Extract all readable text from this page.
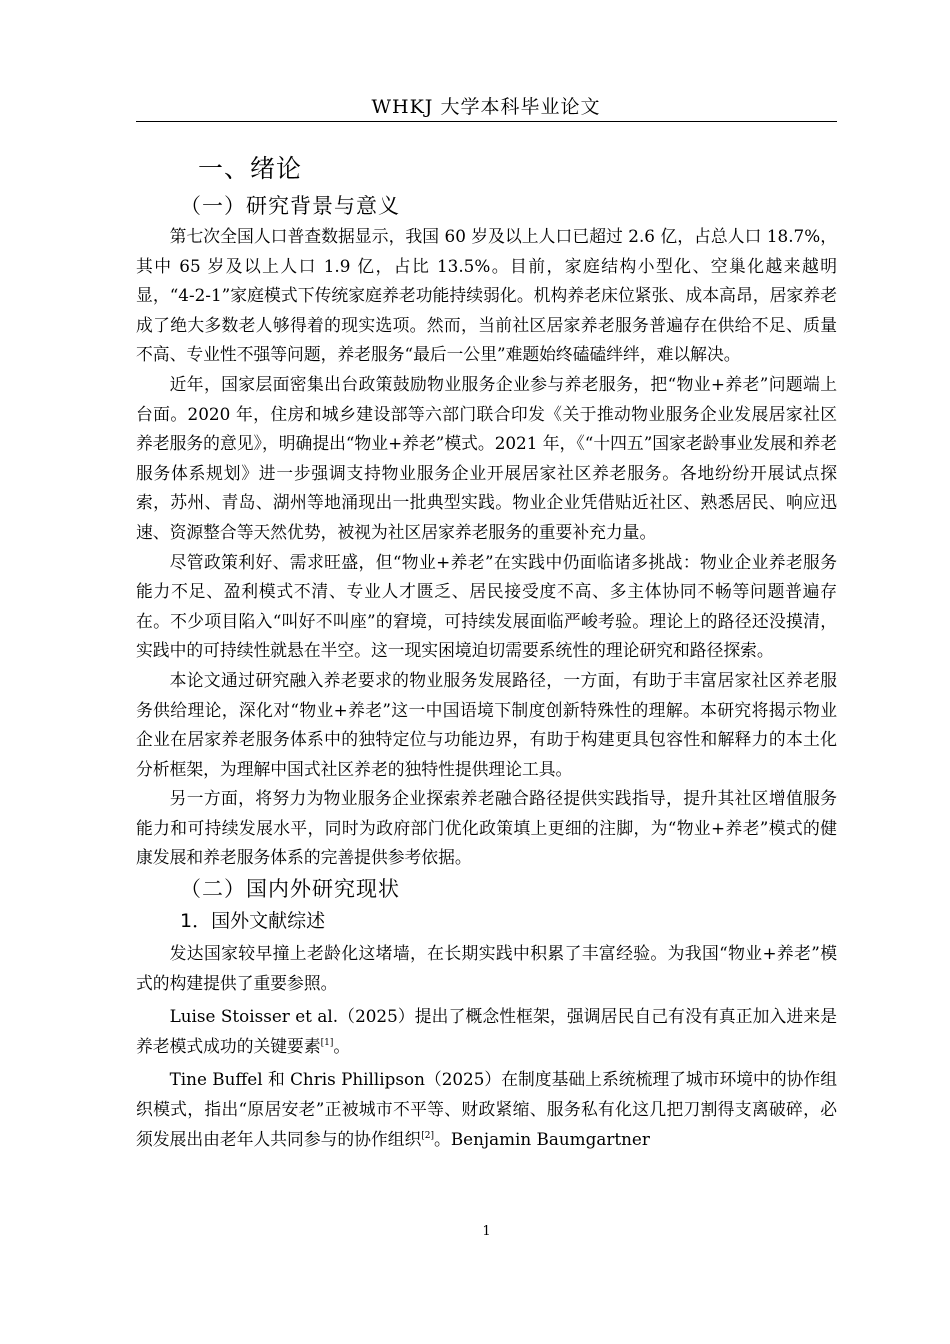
WHKJ 大学本科毕业论文
一、绪论
（一）研究背景与意义

第七次全国人口普查数据显示，我国 60 岁及以上人口已超过 2.6 亿，占总人口 18.7%，其中 65 岁及以上人口 1.9 亿，占比 13.5%。目前，家庭结构小型化、空巢化越来越明显，“4-2-1”家庭模式下传统家庭养老功能持续弱化。机构养老床位紧张、成本高昂，居家养老成了绝大多数老人够得着的现实选项。然而，当前社区居家养老服务普遍存在供给不足、质量不高、专业性不强等问题，养老服务“最后一公里”难题始终磕磕绊绊，难以解决。

近年，国家层面密集出台政策鼓励物业服务企业参与养老服务，把“物业+养老”问题端上台面。2020 年，住房和城乡建设部等六部门联合印发《关于推动物业服务企业发展居家社区养老服务的意见》，明确提出“物业+养老”模式。2021 年，《“十四五”国家老龄事业发展和养老服务体系规划》进一步强调支持物业服务企业开展居家社区养老服务。各地纷纷开展试点探索，苏州、青岛、湖州等地涌现出一批典型实践。物业企业凭借贴近社区、熟悉居民、响应迅速、资源整合等天然优势，被视为社区居家养老服务的重要补充力量。

尽管政策利好、需求旺盛，但“物业+养老”在实践中仍面临诸多挑战：物业企业养老服务能力不足、盈利模式不清、专业人才匮乏、居民接受度不高、多主体协同不畅等问题普遍存在。不少项目陷入“叫好不叫座”的窘境，可持续发展面临严峻考验。理论上的路径还没摸清，实践中的可持续性就悬在半空。这一现实困境迫切需要系统性的理论研究和路径探索。

本论文通过研究融入养老要求的物业服务发展路径，一方面，有助于丰富居家社区养老服务供给理论，深化对“物业+养老”这一中国语境下制度创新特殊性的理解。本研究将揭示物业企业在居家养老服务体系中的独特定位与功能边界，有助于构建更具包容性和解释力的本土化分析框架，为理解中国式社区养老的独特性提供理论工具。

另一方面，将努力为物业服务企业探索养老融合路径提供实践指导，提升其社区增值服务能力和可持续发展水平，同时为政府部门优化政策填上更细的注脚，为“物业+养老”模式的健康发展和养老服务体系的完善提供参考依据。

（二）国内外研究现状
1．国外文献综述

发达国家较早撞上老龄化这堵墙，在长期实践中积累了丰富经验。为我国“物业+养老”模式的构建提供了重要参照。

Luise Stoisser et al.（2025）提出了概念性框架，强调居民自己有没有真正加入进来是养老模式成功的关键要素[1]。

Tine Buffel 和 Chris Phillipson（2025）在制度基础上系统梳理了城市环境中的协作组织模式，指出“原居安老”正被城市不平等、财政紧缩、服务私有化这几把刀割得支离破碎，必须发展出由老年人共同参与的协作组织[2]。Benjamin Baumgartner

1
